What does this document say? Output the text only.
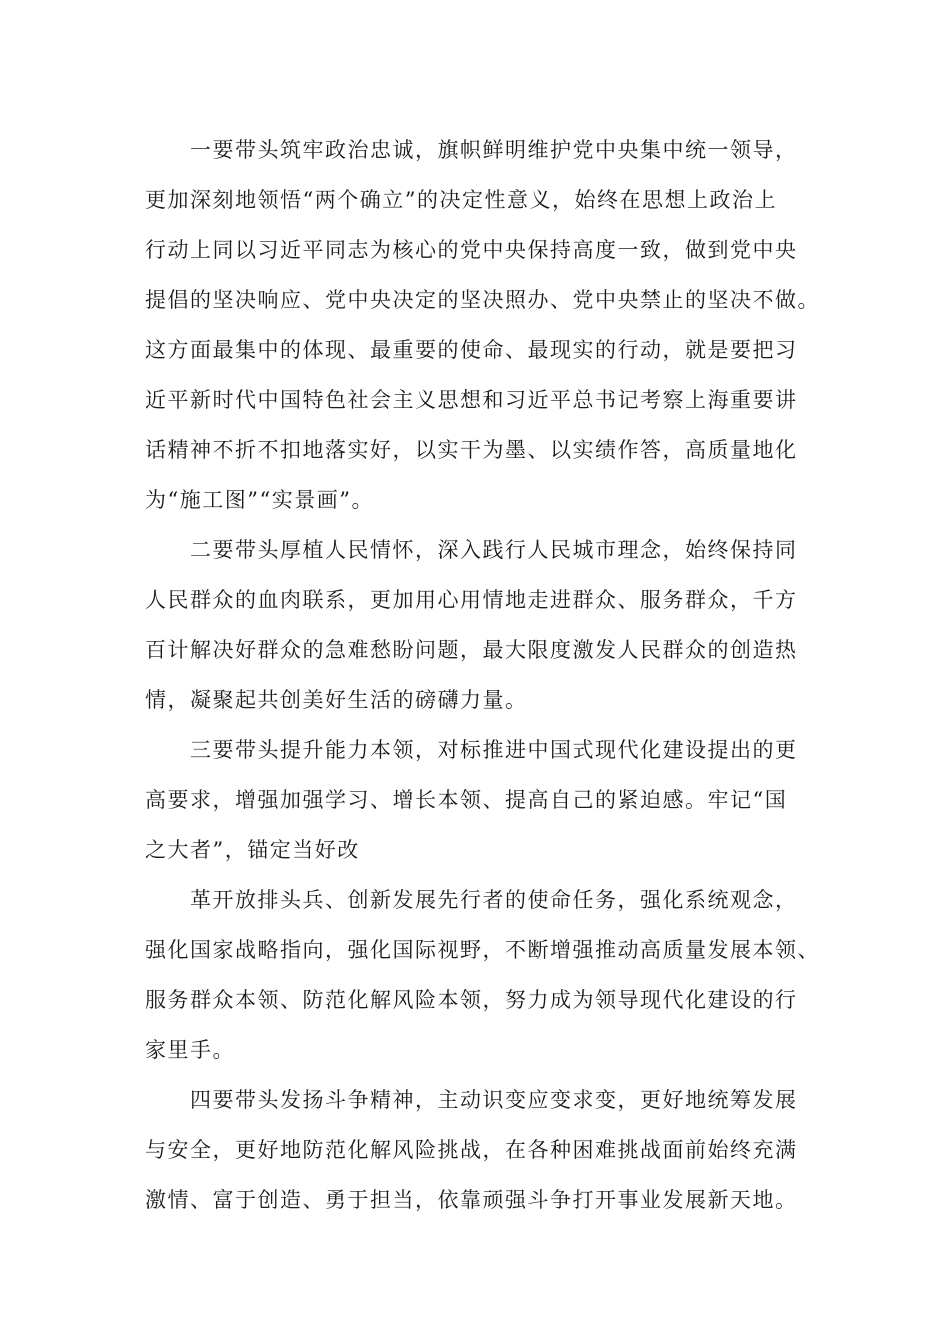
一要带头筑牢政治忠诚，旗帜鲜明维护党中央集中统一领导，
更加深刻地领悟“两个确立”的决定性意义，始终在思想上政治上
行动上同以习近平同志为核心的党中央保持高度一致，做到党中央
提倡的坚决响应、党中央决定的坚决照办、党中央禁止的坚决不做。
这方面最集中的体现、最重要的使命、最现实的行动，就是要把习
近平新时代中国特色社会主义思想和习近平总书记考察上海重要讲
话精神不折不扣地落实好，以实干为墨、以实绩作答，高质量地化
为“施工图”“实景画”。
二要带头厚植人民情怀，深入践行人民城市理念，始终保持同
人民群众的血肉联系，更加用心用情地走进群众、服务群众，千方
百计解决好群众的急难愁盼问题，最大限度激发人民群众的创造热
情，凝聚起共创美好生活的磅礴力量。
三要带头提升能力本领，对标推进中国式现代化建设提出的更
高要求，增强加强学习、增长本领、提高自己的紧迫感。牢记“国
之大者”，锚定当好改
革开放排头兵、创新发展先行者的使命任务，强化系统观念，
强化国家战略指向，强化国际视野，不断增强推动高质量发展本领、
服务群众本领、防范化解风险本领，努力成为领导现代化建设的行
家里手。
四要带头发扬斗争精神，主动识变应变求变，更好地统筹发展
与安全，更好地防范化解风险挑战，在各种困难挑战面前始终充满
激情、富于创造、勇于担当，依靠顽强斗争打开事业发展新天地。
